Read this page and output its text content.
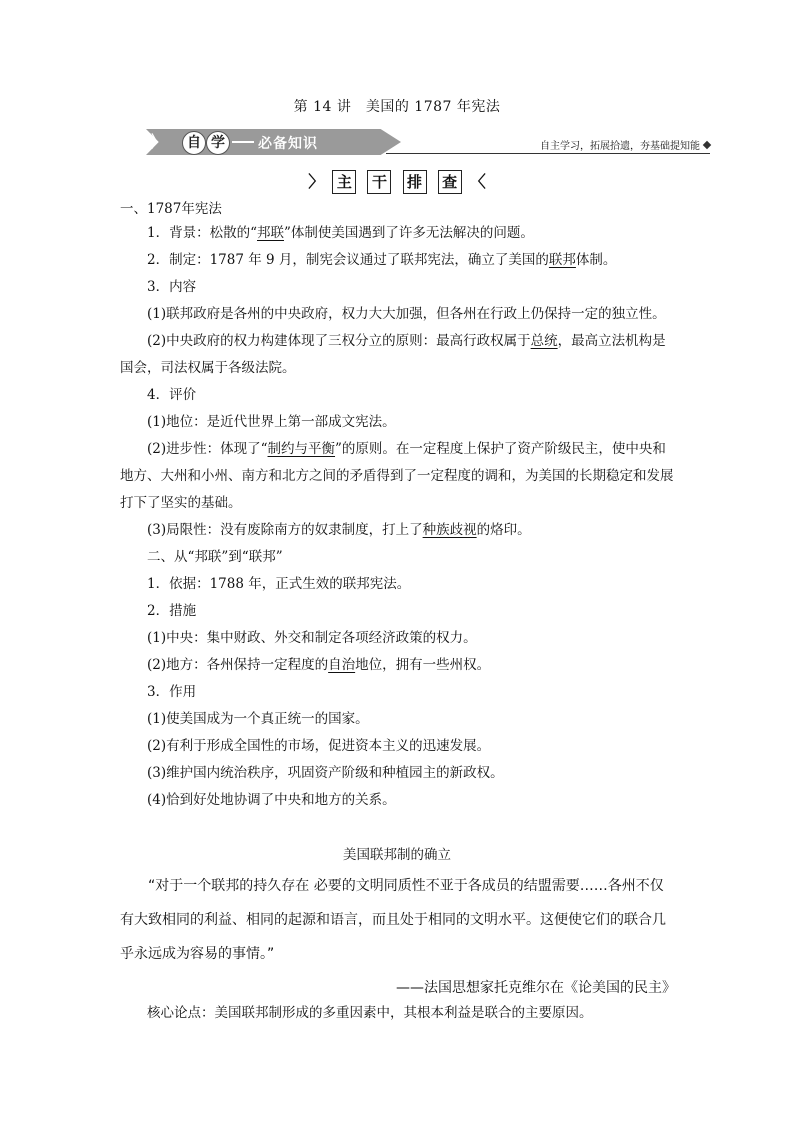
第 14 讲　美国的 1787 年宪法
》	自 学	必备知识	自主学习，拓展拾遗，夯基础提知能
〉 主 干 排 查 〈
一、1787年宪法
1．背景：松散的“邦联”体制使美国遇到了许多无法解决的问题。
2．制定：1787 年 9 月，制宪会议通过了联邦宪法，确立了美国的联邦体制。
3．内容
(1)联邦政府是各州的中央政府，权力大大加强，但各州在行政上仍保持一定的独立性。
(2)中央政府的权力构建体现了三权分立的原则：最高行政权属于总统，最高立法机构是国会，司法权属于各级法院。
4．评价
(1)地位：是近代世界上第一部成文宪法。
(2)进步性：体现了“制约与平衡”的原则。在一定程度上保护了资产阶级民主，使中央和地方、大州和小州、南方和北方之间的矛盾得到了一定程度的调和，为美国的长期稳定和发展打下了坚实的基础。
(3)局限性：没有废除南方的奴隶制度，打上了种族歧视的烙印。
二、从“邦联”到“联邦”
1．依据：1788 年，正式生效的联邦宪法。
2．措施
(1)中央：集中财政、外交和制定各项经济政策的权力。
(2)地方：各州保持一定程度的自治地位，拥有一些州权。
3．作用
(1)使美国成为一个真正统一的国家。
(2)有利于形成全国性的市场，促进资本主义的迅速发展。
(3)维护国内统治秩序，巩固资产阶级和种植园主的新政权。
(4)恰到好处地协调了中央和地方的关系。
美国联邦制的确立
“对于一个联邦的持久存在 必要的文明同质性不亚于各成员的结盟需要……各州不仅有大致相同的利益、相同的起源和语言，而且处于相同的文明水平。这便使它们的联合几乎永远成为容易的事情。”
——法国思想家托克维尔在《论美国的民主》
核心论点：美国联邦制形成的多重因素中，其根本利益是联合的主要原因。
